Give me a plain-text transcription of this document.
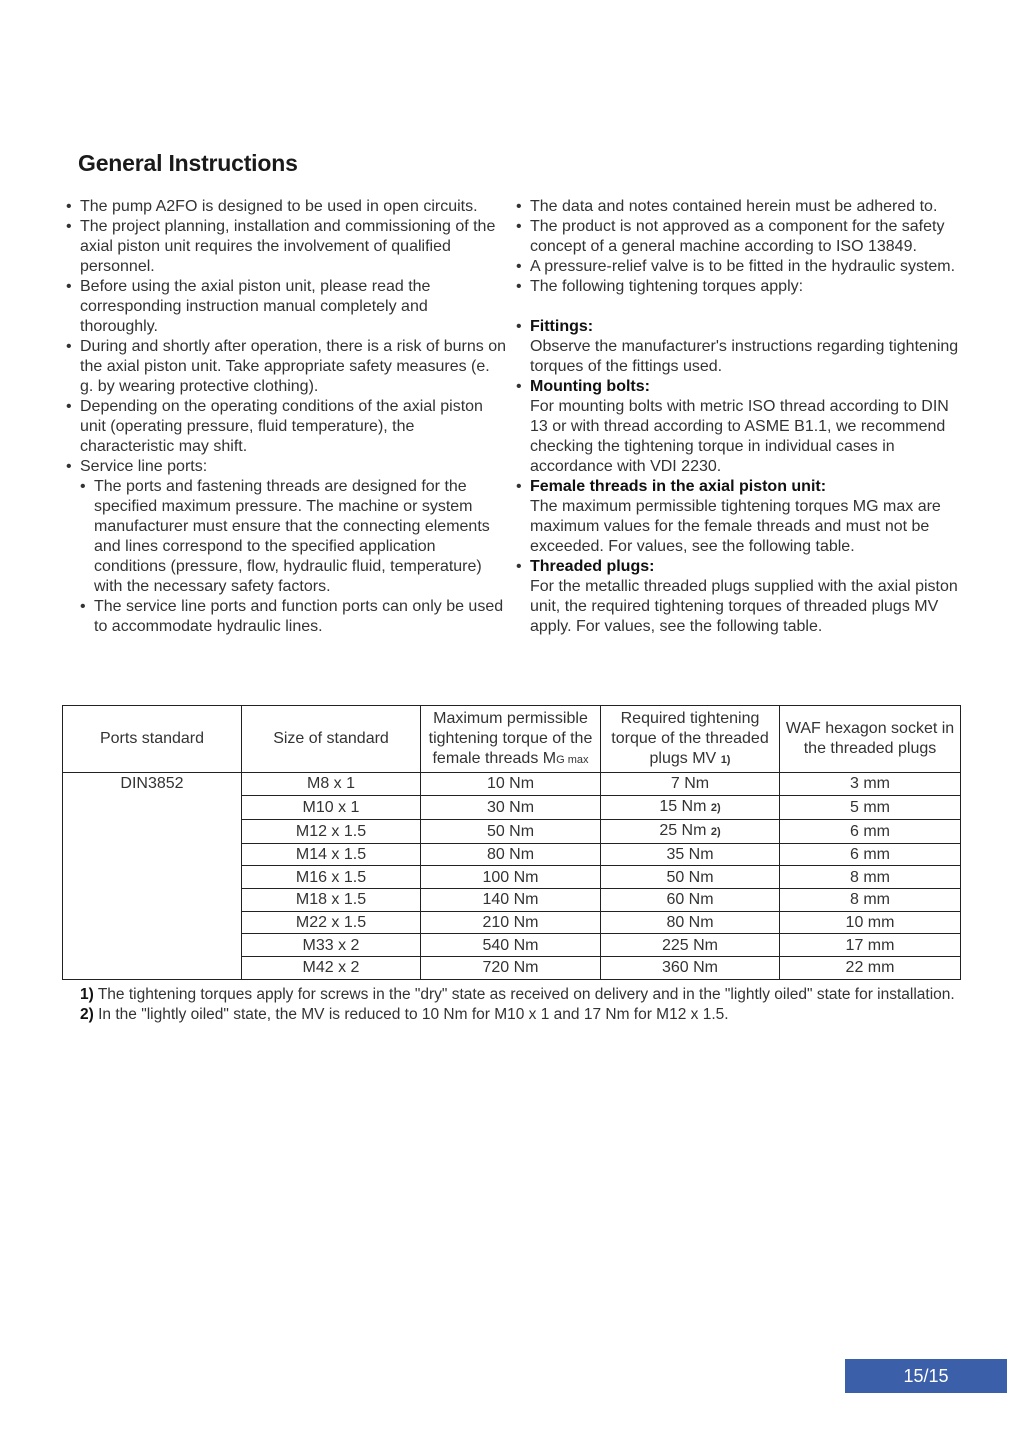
General Instructions
• The pump A2FO is designed to be used in open circuits.
• The project planning, installation and commissioning of the axial piston unit requires the involvement of qualified personnel.
• Before using the axial piston unit, please read the corresponding instruction manual completely and thoroughly.
• During and shortly after operation, there is a risk of burns on the axial piston unit. Take appropriate safety measures (e. g. by wearing protective clothing).
• Depending on the operating conditions of the axial piston unit (operating pressure, fluid temperature), the characteristic may shift.
• Service line ports:
• The ports and fastening threads are designed for the specified maximum pressure. The machine or system manufacturer must ensure that the connecting elements and lines correspond to the specified application conditions (pressure, flow, hydraulic fluid, temperature) with the necessary safety factors.
• The service line ports and function ports can only be used to accommodate hydraulic lines.
• The data and notes contained herein must be adhered to.
• The product is not approved as a component for the safety concept of a general machine according to ISO 13849.
• A pressure-relief valve is to be fitted in the hydraulic system.
• The following tightening torques apply:
• Fittings:
Observe the manufacturer's instructions regarding tightening torques of the fittings used.
• Mounting bolts:
For mounting bolts with metric ISO thread according to DIN 13 or with thread according to ASME B1.1, we recommend checking the tightening torque in individual cases in accordance with VDI 2230.
• Female threads in the axial piston unit:
The maximum permissible tightening torques MG max are maximum values for the female threads and must not be exceeded. For values, see the following table.
• Threaded plugs:
For the metallic threaded plugs supplied with the axial piston unit, the required tightening torques of threaded plugs MV apply. For values, see the following table.
Ports standard	Size of standard	Maximum permissible tightening torque of the female threads MG max	Required tightening torque of the threaded plugs MV 1)	WAF hexagon socket in the threaded plugs
DIN3852	M8 x 1	10 Nm	7 Nm	3 mm
	M10 x 1	30 Nm	15 Nm 2)	5 mm
	M12 x 1.5	50 Nm	25 Nm 2)	6 mm
	M14 x 1.5	80 Nm	35 Nm	6 mm
	M16 x 1.5	100 Nm	50 Nm	8 mm
	M18 x 1.5	140 Nm	60 Nm	8 mm
	M22 x 1.5	210 Nm	80 Nm	10 mm
	M33 x 2	540 Nm	225 Nm	17 mm
	M42 x 2	720 Nm	360 Nm	22 mm

1) The tightening torques apply for screws in the "dry" state as received on delivery and in the "lightly oiled" state for installation.

2) In the "lightly oiled" state, the MV is reduced to 10 Nm for M10 x 1 and 17 Nm for M12 x 1.5.

15/15
